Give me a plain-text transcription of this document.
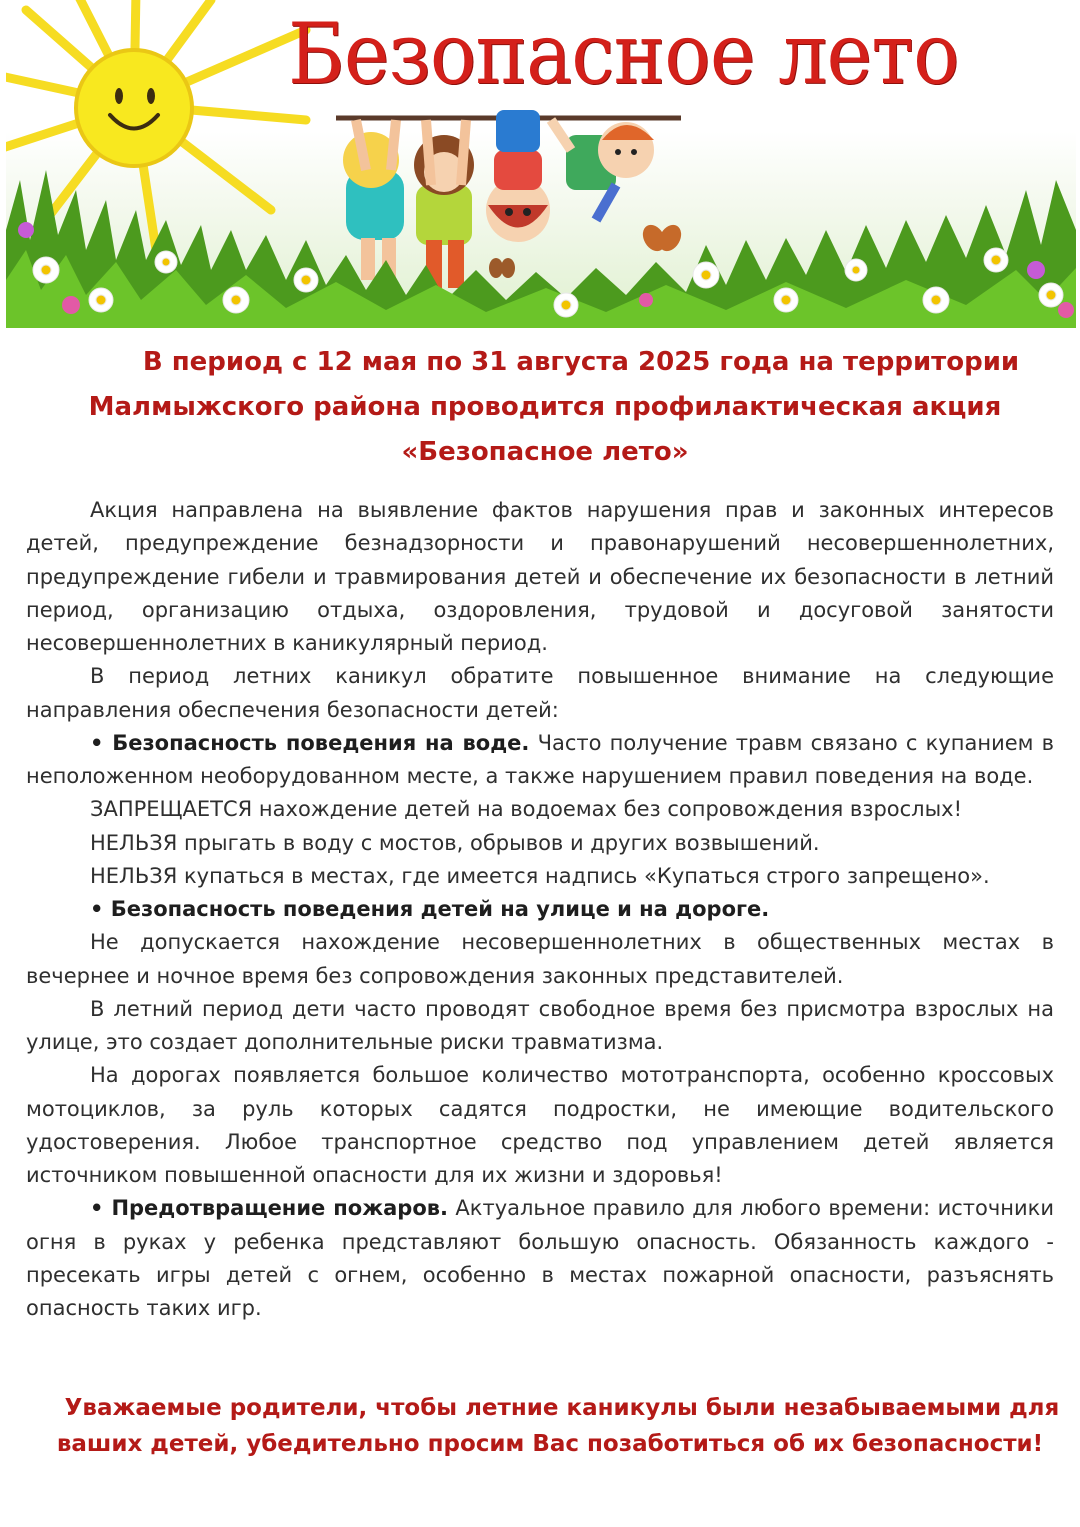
Безопасное лето
В период с 12 мая по 31 августа 2025 года на территории
Малмыжского района проводится профилактическая акция
«Безопасное лето»

Акция направлена на выявление фактов нарушения прав и законных интересов детей, предупреждение безнадзорности и правонарушений несовершеннолетних, предупреждение гибели и травмирования детей и обеспечение их безопасности в летний период, организацию отдыха, оздоровления, трудовой и досуговой занятости несовершеннолетних в каникулярный период.

В период летних каникул обратите повышенное внимание на следующие направления обеспечения безопасности детей:

• Безопасность поведения на воде. Часто получение травм связано с купанием в неположенном необорудованном месте, а также нарушением правил поведения на воде.

ЗАПРЕЩАЕТСЯ нахождение детей на водоемах без сопровождения взрослых!

НЕЛЬЗЯ прыгать в воду с мостов, обрывов и других возвышений.

НЕЛЬЗЯ купаться в местах, где имеется надпись «Купаться строго запрещено».

• Безопасность поведения детей на улице и на дороге.

Не допускается нахождение несовершеннолетних в общественных местах в вечернее и ночное время без сопровождения законных представителей.

В летний период дети часто проводят свободное время без присмотра взрослых на улице, это создает дополнительные риски травматизма.

На дорогах появляется большое количество мототранспорта, особенно кроссовых мотоциклов, за руль которых садятся подростки, не имеющие водительского удостоверения. Любое транспортное средство под управлением детей является источником повышенной опасности для их жизни и здоровья!

• Предотвращение пожаров. Актуальное правило для любого времени: источники огня в руках у ребенка представляют большую опасность. Обязанность каждого - пресекать игры детей с огнем, особенно в местах пожарной опасности, разъяснять опасность таких игр.

Уважаемые родители, чтобы летние каникулы были незабываемыми для
ваших детей, убедительно просим Вас позаботиться об их безопасности!
